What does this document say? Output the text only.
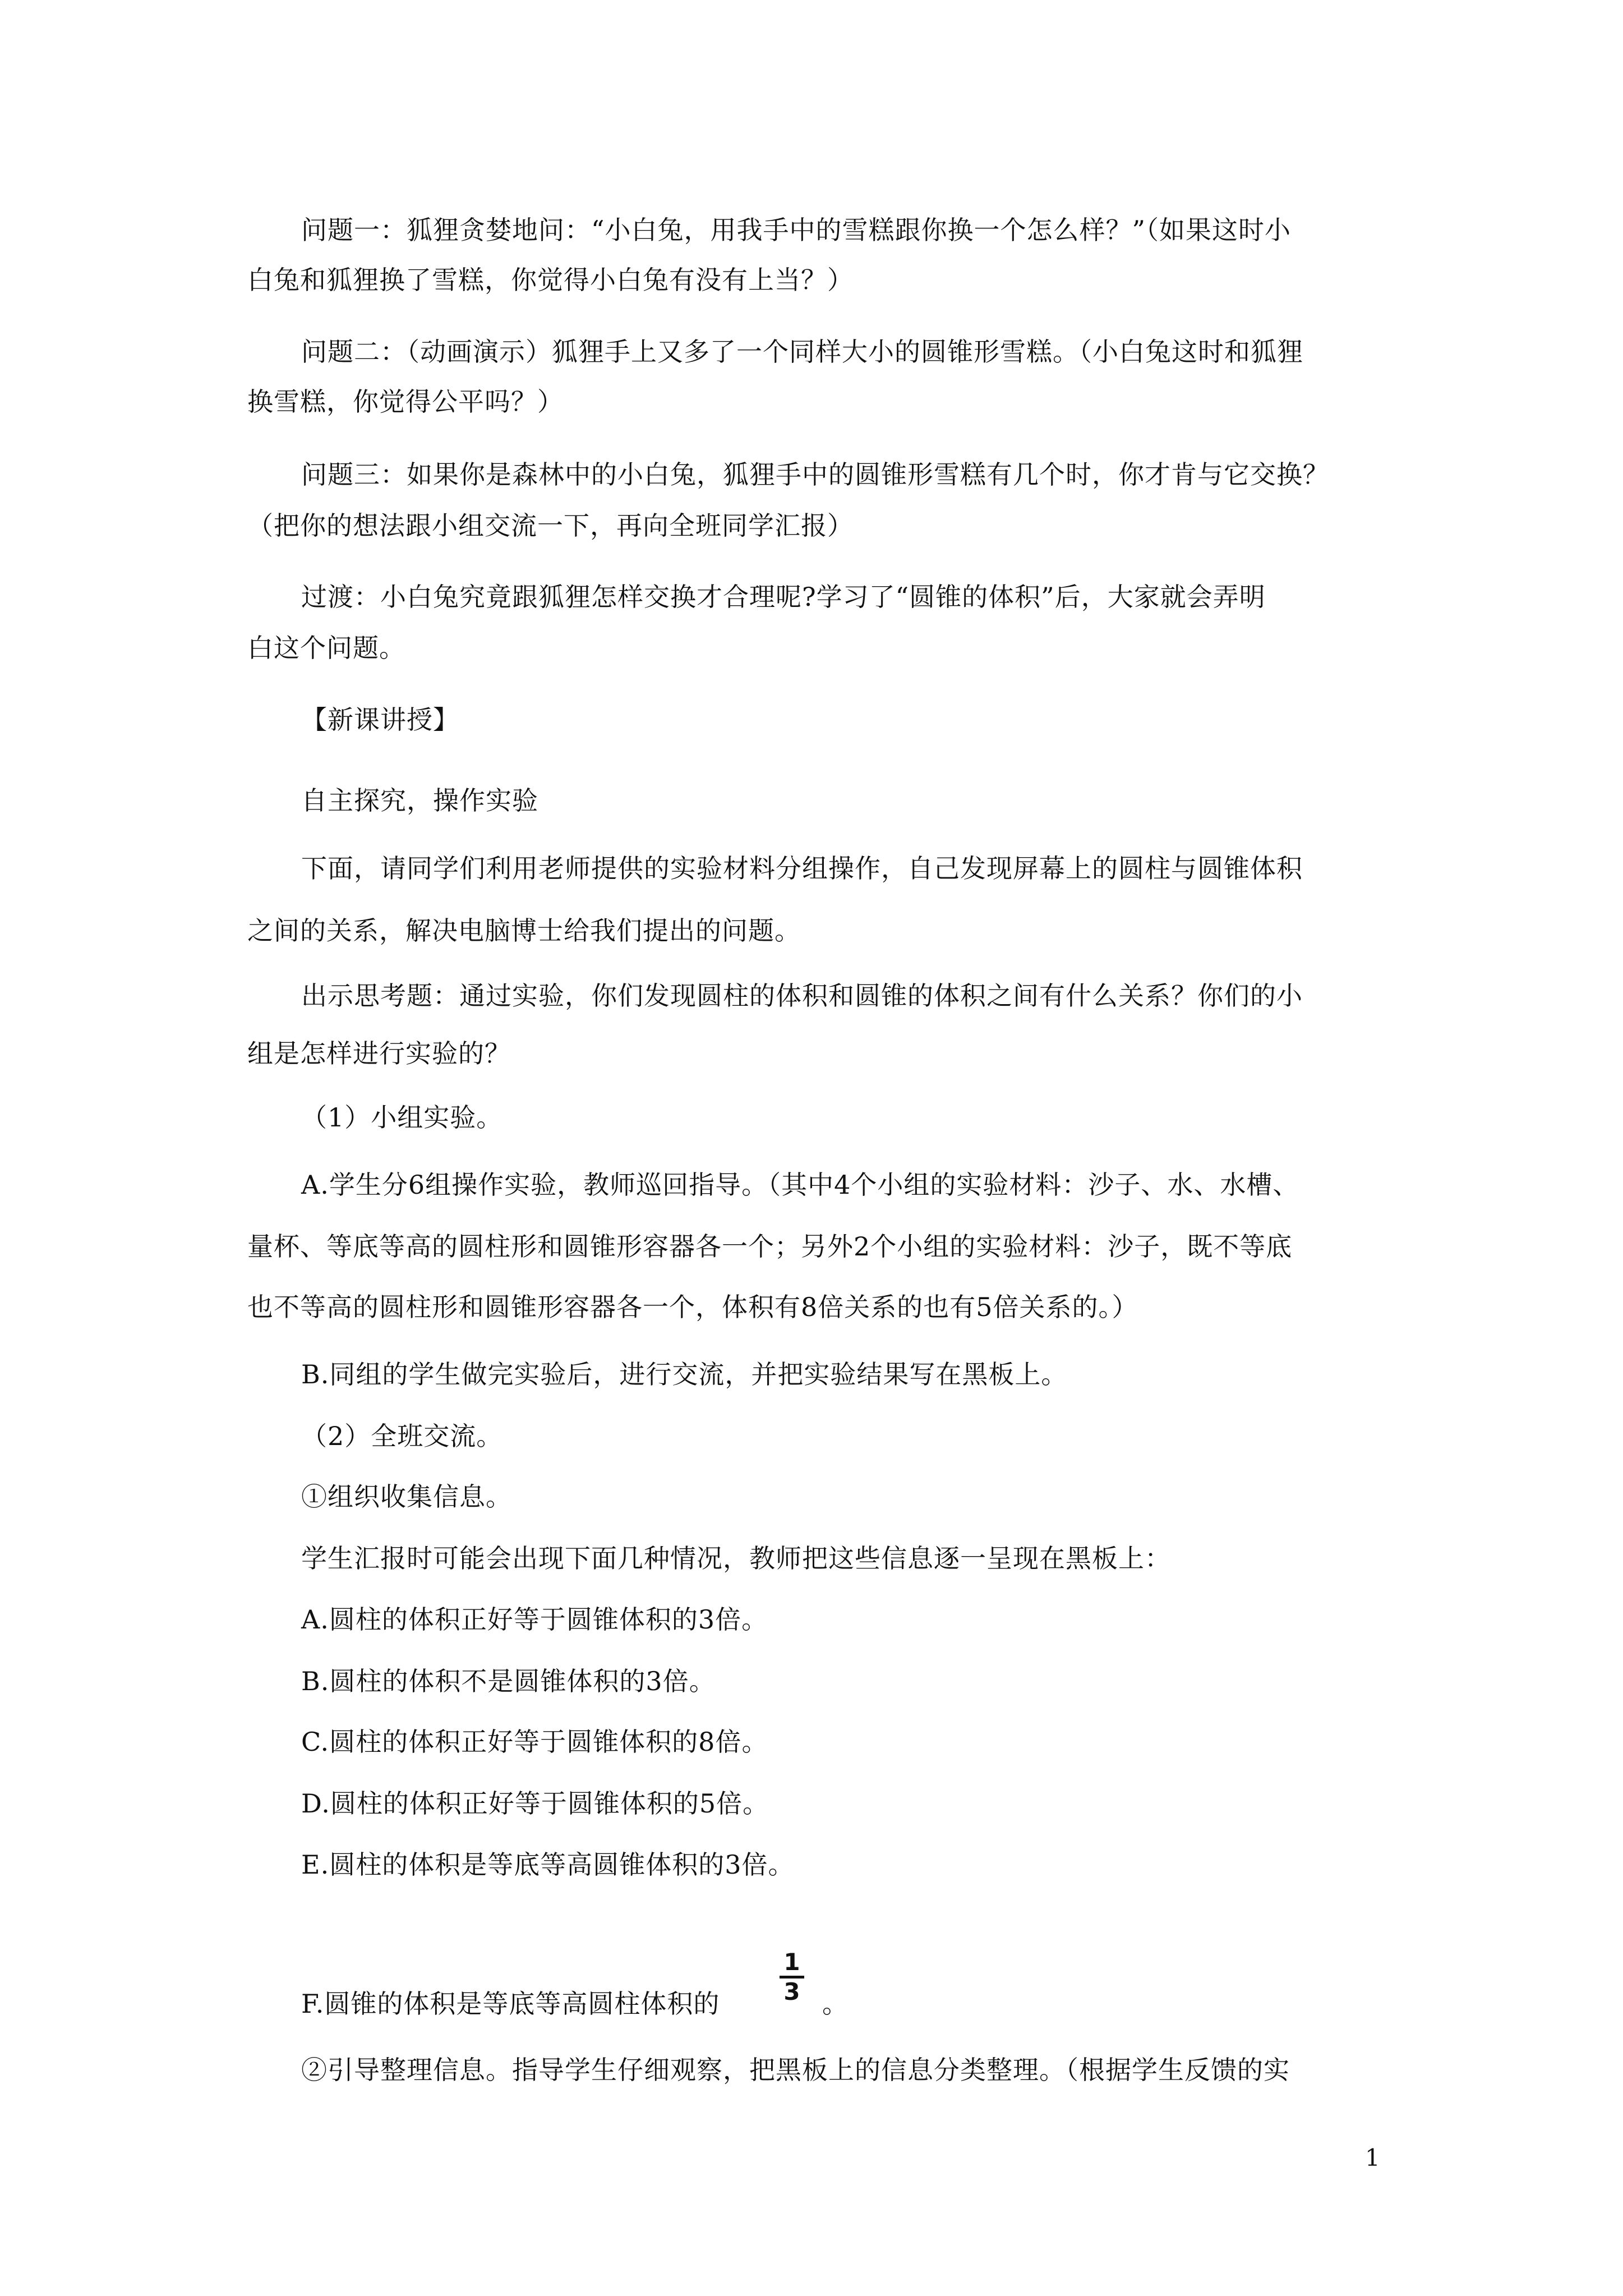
问题一：狐狸贪婪地问：“小白兔，用我手中的雪糕跟你换一个怎么样？”（如果这时小
白兔和狐狸换了雪糕，你觉得小白兔有没有上当？）
问题二：（动画演示）狐狸手上又多了一个同样大小的圆锥形雪糕。（小白兔这时和狐狸
换雪糕，你觉得公平吗？）
问题三：如果你是森林中的小白兔，狐狸手中的圆锥形雪糕有几个时，你才肯与它交换？
（把你的想法跟小组交流一下，再向全班同学汇报）
过渡：小白兔究竟跟狐狸怎样交换才合理呢?学习了“圆锥的体积”后，大家就会弄明
白这个问题。
【新课讲授】
自主探究，操作实验
下面，请同学们利用老师提供的实验材料分组操作，自己发现屏幕上的圆柱与圆锥体积
之间的关系，解决电脑博士给我们提出的问题。
出示思考题：通过实验，你们发现圆柱的体积和圆锥的体积之间有什么关系？你们的小
组是怎样进行实验的？
（1）小组实验。
A.学生分6组操作实验，教师巡回指导。（其中4个小组的实验材料：沙子、水、水槽、
量杯、等底等高的圆柱形和圆锥形容器各一个；另外2个小组的实验材料：沙子，既不等底
也不等高的圆柱形和圆锥形容器各一个，体积有8倍关系的也有5倍关系的。）
B.同组的学生做完实验后，进行交流，并把实验结果写在黑板上。
（2）全班交流。
①组织收集信息。
学生汇报时可能会出现下面几种情况，教师把这些信息逐一呈现在黑板上：
A.圆柱的体积正好等于圆锥体积的3倍。
B.圆柱的体积不是圆锥体积的3倍。
C.圆柱的体积正好等于圆锥体积的8倍。
D.圆柱的体积正好等于圆锥体积的5倍。
E.圆柱的体积是等底等高圆锥体积的3倍。
F.圆锥的体积是等底等高圆柱体积的
1
3 。
②引导整理信息。指导学生仔细观察，把黑板上的信息分类整理。（根据学生反馈的实
1
